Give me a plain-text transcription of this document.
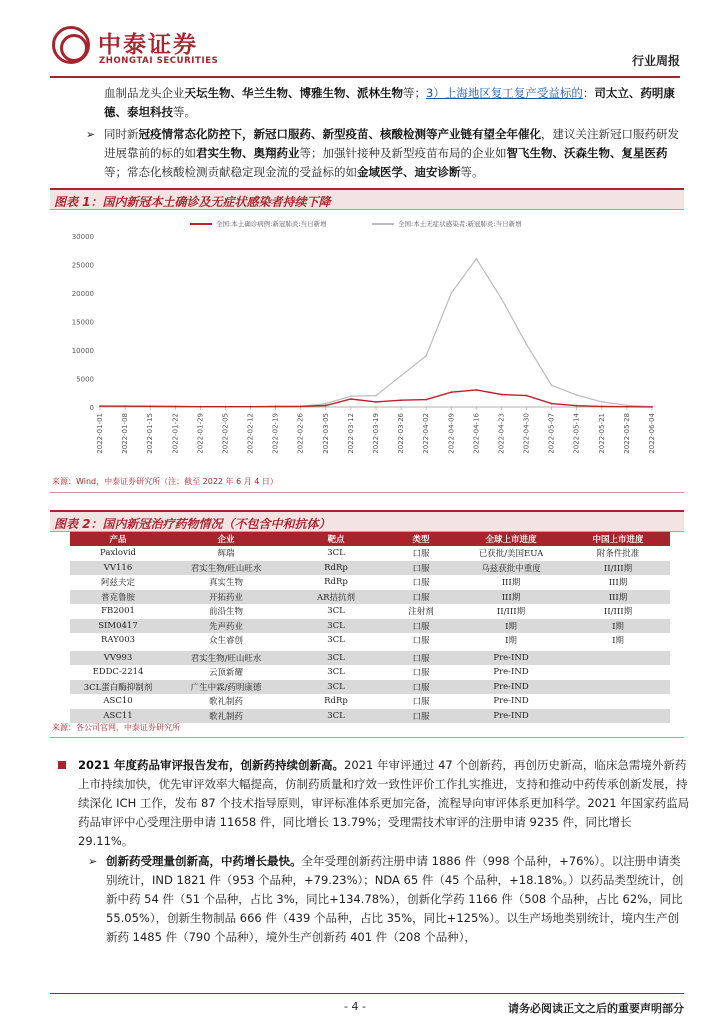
中泰证券
ZHONGTAI SECURITIES	行业周报
血制品龙头企业天坛生物、华兰生物、博雅生物、派林生物等；3）上海地区复工复产受益标的：司太立、药明康德、泰坦科技等。
➢ 同时新冠疫情常态化防控下，新冠口服药、新型疫苗、核酸检测等产业链有望全年催化，建议关注新冠口服药研发进展靠前的标的如君实生物、奥翔药业等；加强针接种及新型疫苗布局的企业如智飞生物、沃森生物、复星医药等；常态化核酸检测贡献稳定现金流的受益标的如金域医学、迪安诊断等。
图表 1：国内新冠本土确诊及无症状感染者持续下降
全国:本土确诊病例:新冠肺炎:当日新增	全国:本土无症状感染者:新冠肺炎:当日新增
0
5000
10000
15000
20000
25000
30000
2022-01-01 2022-01-08 2022-01-15 2022-01-22 2022-01-29 2022-02-05 2022-02-12 2022-02-19 2022-02-26 2022-03-05 2022-03-12 2022-03-19 2022-03-26 2022-04-02 2022-04-09 2022-04-16 2022-04-23 2022-04-30 2022-05-07 2022-05-14 2022-05-21 2022-05-28 2022-06-04
来源：Wind，中泰证券研究所（注：截至 2022 年 6 月 4 日）
图表 2：国内新冠治疗药物情况（不包含中和抗体）
产品	企业	靶点	类型	全球上市进度	中国上市进度
Paxlovid	辉瑞	3CL	口服	已获批/美国EUA	附条件批准
VV116	君实生物/旺山旺水	RdRp	口服	乌兹获批中重度	II/III期
阿兹夫定	真实生物	RdRp	口服	III期	III期
普克鲁胺	开拓药业	AR拮抗剂	口服	III期	III期
FB2001	前沿生物	3CL	注射剂	II/III期	II/III期
SIM0417	先声药业	3CL	口服	I期	I期
RAY003	众生睿创	3CL	口服	I期	I期

VV993	君实生物/旺山旺水	3CL	口服	Pre-IND	
EDDC-2214	云顶新耀	3CL	口服	Pre-IND	
3CL蛋白酶抑制剂	广生中霖/药明康德	3CL	口服	Pre-IND	
ASC10	歌礼制药	RdRp	口服	Pre-IND	
ASC11	歌礼制药	3CL	口服	Pre-IND	
来源：各公司官网，中泰证券研究所
2021 年度药品审评报告发布，创新药持续创新高。2021 年审评通过 47 个创新药，再创历史新高，临床急需境外新药上市持续加快，优先审评效率大幅提高，仿制药质量和疗效一致性评价工作扎实推进，支持和推动中药传承创新发展，持续深化 ICH 工作，发布 87 个技术指导原则，审评标准体系更加完备，流程导向审评体系更加科学。2021 年国家药监局药品审评中心受理注册申请 11658 件，同比增长 13.79%；受理需技术审评的注册申请 9235 件，同比增长 29.11%。
➢ 创新药受理量创新高，中药增长最快。全年受理创新药注册申请 1886 件（998 个品种，+76%）。以注册申请类别统计，IND 1821 件（953 个品种，+79.23%）；NDA 65 件（45 个品种，+18.18%。）以药品类型统计，创新中药 54 件（51 个品种，占比 3%，同比+134.78%），创新化学药 1166 件（508 个品种，占比 62%，同比 55.05%），创新生物制品 666 件（439 个品种，占比 35%，同比+125%）。以生产场地类别统计，境内生产创新药 1485 件（790 个品种），境外生产创新药 401 件（208 个品种），
- 4 -	请务必阅读正文之后的重要声明部分
